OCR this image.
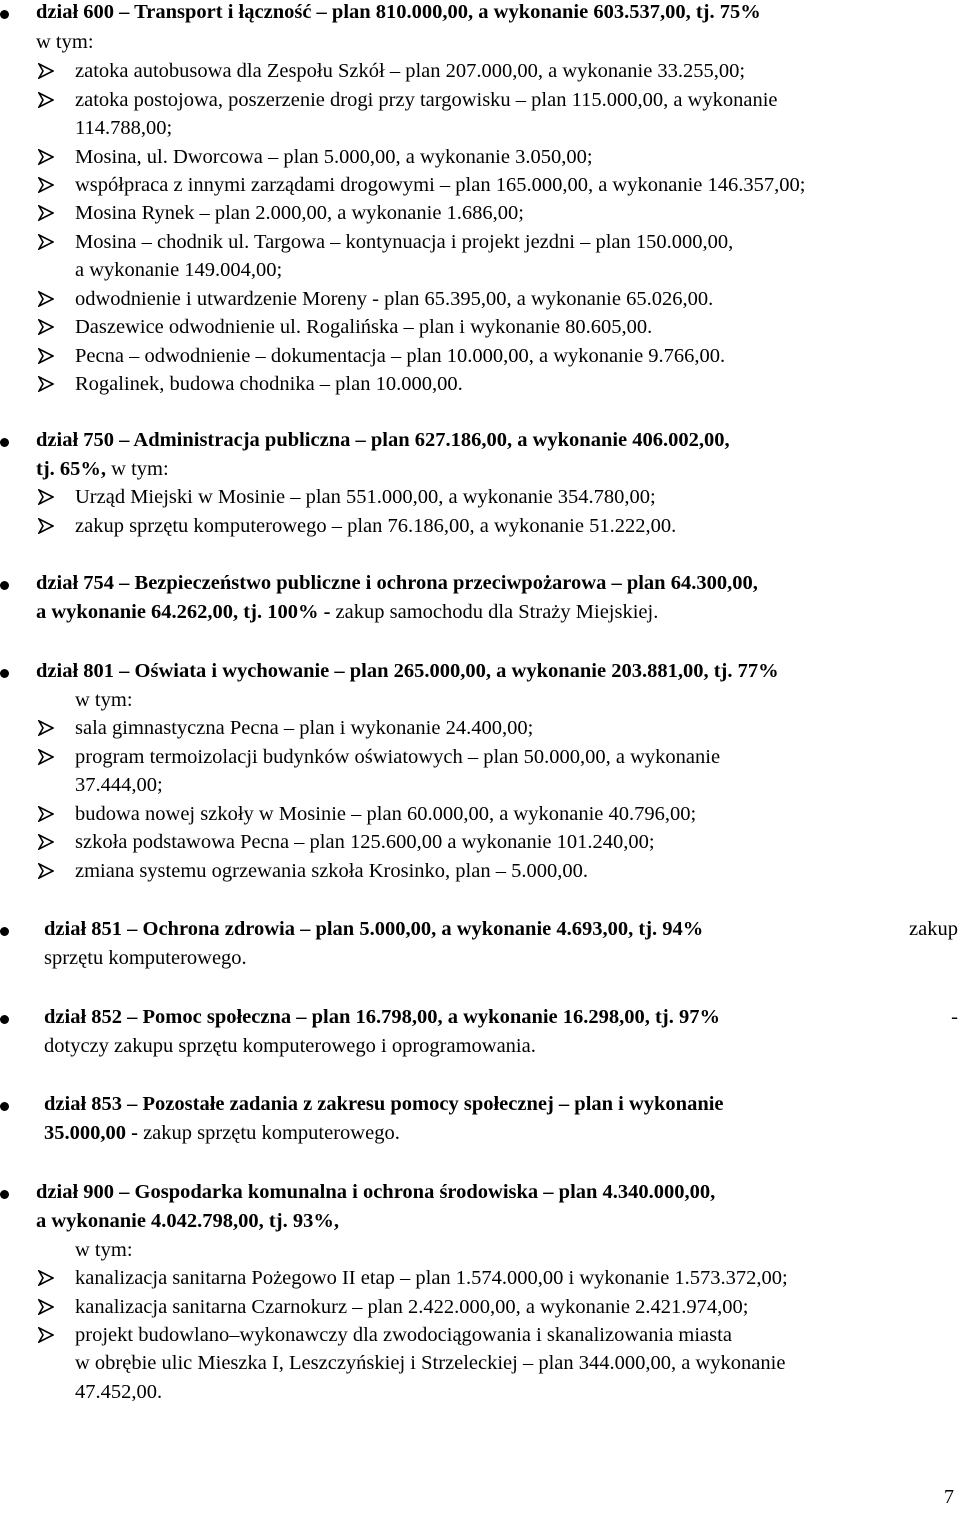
dział 600 – Transport i łączność – plan 810.000,00, a wykonanie 603.537,00, tj. 75%
w tym:
zatoka autobusowa dla Zespołu Szkół – plan 207.000,00, a wykonanie 33.255,00;
zatoka postojowa, poszerzenie drogi przy targowisku – plan 115.000,00, a wykonanie
114.788,00;
Mosina, ul. Dworcowa – plan 5.000,00, a wykonanie 3.050,00;
współpraca z innymi zarządami drogowymi – plan 165.000,00, a wykonanie 146.357,00;
Mosina Rynek – plan 2.000,00, a wykonanie 1.686,00;
Mosina – chodnik ul. Targowa – kontynuacja i projekt jezdni – plan 150.000,00,
a wykonanie 149.004,00;
odwodnienie i utwardzenie Moreny - plan 65.395,00, a wykonanie 65.026,00.
Daszewice odwodnienie ul. Rogalińska – plan i wykonanie 80.605,00.
Pecna – odwodnienie – dokumentacja – plan 10.000,00, a wykonanie 9.766,00.
Rogalinek, budowa chodnika – plan 10.000,00.
dział 750 – Administracja publiczna – plan 627.186,00, a wykonanie 406.002,00,
tj. 65%, w tym:
Urząd Miejski w Mosinie – plan 551.000,00, a wykonanie 354.780,00;
zakup sprzętu komputerowego – plan 76.186,00, a wykonanie 51.222,00.
dział 754 – Bezpieczeństwo publiczne i ochrona przeciwpożarowa – plan 64.300,00,
a wykonanie 64.262,00, tj. 100% - zakup samochodu dla Straży Miejskiej.
dział 801 – Oświata i wychowanie – plan 265.000,00, a wykonanie 203.881,00, tj. 77%
w tym:
sala gimnastyczna Pecna – plan i wykonanie 24.400,00;
program termoizolacji budynków oświatowych – plan 50.000,00, a wykonanie
37.444,00;
budowa nowej szkoły w Mosinie – plan 60.000,00, a wykonanie 40.796,00;
szkoła podstawowa Pecna – plan 125.600,00 a wykonanie 101.240,00;
zmiana systemu ogrzewania szkoła Krosinko, plan – 5.000,00.
dział 851 – Ochrona zdrowia – plan 5.000,00, a wykonanie 4.693,00, tj. 94%	zakup
sprzętu komputerowego.
dział 852 – Pomoc społeczna – plan 16.798,00, a wykonanie 16.298,00, tj. 97%	-
dotyczy zakupu sprzętu komputerowego i oprogramowania.
dział 853 – Pozostałe zadania z zakresu pomocy społecznej – plan i wykonanie
35.000,00 - zakup sprzętu komputerowego.
dział 900 – Gospodarka komunalna i ochrona środowiska – plan 4.340.000,00,
a wykonanie 4.042.798,00, tj. 93%,
w tym:
kanalizacja sanitarna Pożegowo II etap – plan 1.574.000,00 i wykonanie 1.573.372,00;
kanalizacja sanitarna Czarnokurz – plan 2.422.000,00, a wykonanie 2.421.974,00;
projekt budowlano–wykonawczy dla zwodociągowania i skanalizowania miasta
w obrębie ulic Mieszka I, Leszczyńskiej i Strzeleckiej – plan 344.000,00, a wykonanie
47.452,00.
7
